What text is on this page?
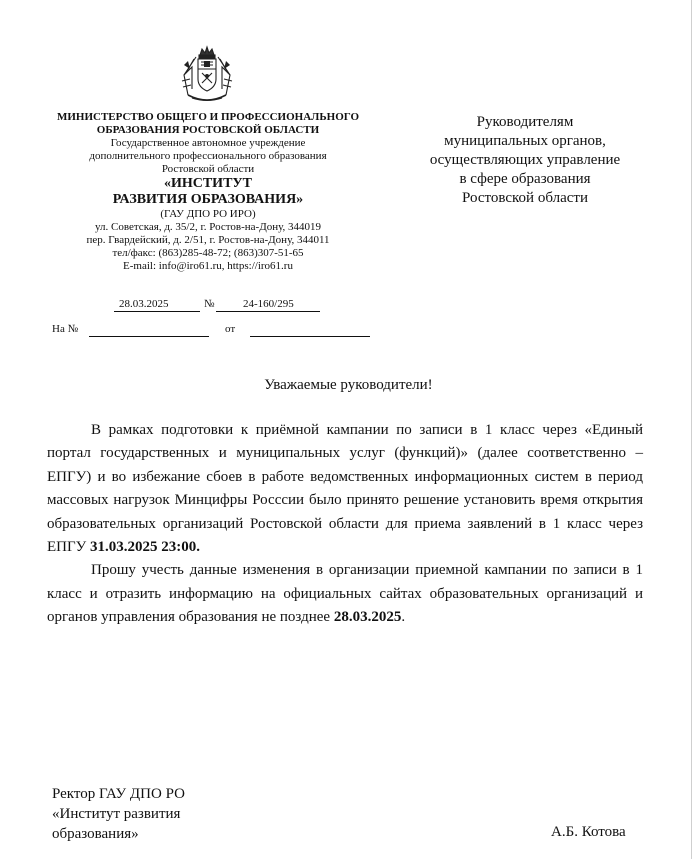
МИНИСТЕРСТВО ОБЩЕГО И ПРОФЕССИОНАЛЬНОГО
ОБРАЗОВАНИЯ РОСТОВСКОЙ ОБЛАСТИ
Государственное автономное учреждение
дополнительного профессионального образования
Ростовской области
«ИНСТИТУТ
РАЗВИТИЯ ОБРАЗОВАНИЯ»
(ГАУ ДПО РО ИРО)
ул. Советская, д. 35/2, г. Ростов-на-Дону, 344019
пер. Гвардейский, д. 2/51, г. Ростов-на-Дону, 344011
тел/факс: (863)285-48-72; (863)307-51-65
E-mail: info@iro61.ru, https://iro61.ru
28.03.2025	№	24-160/295
На №	от
Руководителям
муниципальных органов,
осуществляющих управление
в сфере образования
Ростовской области
Уважаемые руководители!

В рамках подготовки к приёмной кампании по записи в 1 класс через «Единый портал государственных и муниципальных услуг (функций)» (далее соответственно – ЕПГУ) и во избежание сбоев в работе ведомственных информационных систем в период массовых нагрузок Минцифры Росссии было принято решение установить время открытия образовательных организаций Ростовской области для приема заявлений в 1 класс через ЕПГУ 31.03.2025 23:00.

Прошу учесть данные изменения в организации приемной кампании по записи в 1 класс и отразить информацию на официальных сайтах образовательных организаций и органов управления образования не позднее 28.03.2025.

Ректор ГАУ ДПО РО
«Институт развития
образования»	А.Б. Котова
